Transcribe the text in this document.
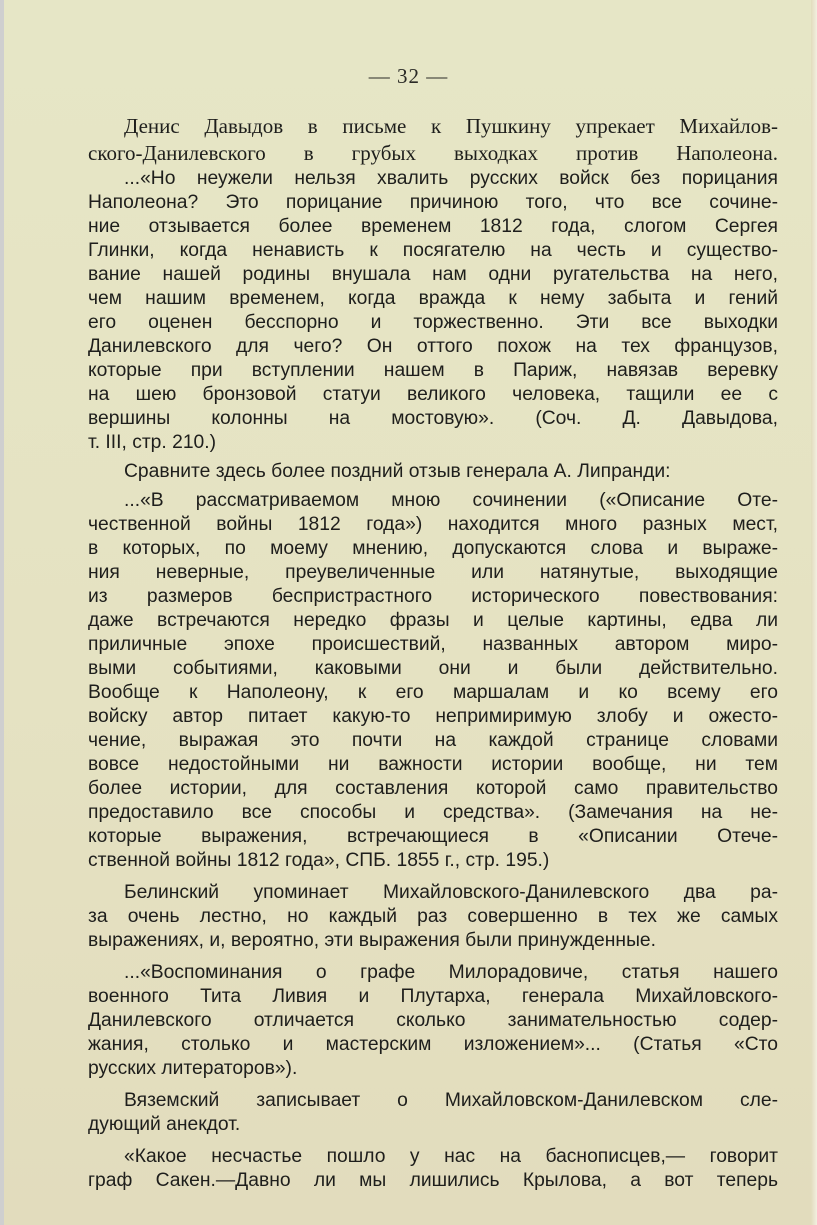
— 32 —
Денис Давыдов в письме к Пушкину упрекает Михайлов-
ского-Данилевского в грубых выходках против Наполеона.
...«Но неужели нельзя хвалить русских войск без порицания
Наполеона? Это порицание причиною того, что все сочине-
ние отзывается более временем 1812 года, слогом Сергея
Глинки, когда ненависть к посягателю на честь и существо-
вание нашей родины внушала нам одни ругательства на него,
чем нашим временем, когда вражда к нему забыта и гений
его оценен бесспорно и торжественно. Эти все выходки
Данилевского для чего? Он оттого похож на тех французов,
которые при вступлении нашем в Париж, навязав веревку
на шею бронзовой статуи великого человека, тащили ее с
вершины колонны на мостовую». (Соч. Д. Давыдова,
т. III, стр. 210.)
Сравните здесь более поздний отзыв генерала А. Липранди:
...«В рассматриваемом мною сочинении («Описание Оте-
чественной войны 1812 года») находится много разных мест,
в которых, по моему мнению, допускаются слова и выраже-
ния неверные, преувеличенные или натянутые, выходящие
из размеров беспристрастного исторического повествования:
даже встречаются нередко фразы и целые картины, едва ли
приличные эпохе происшествий, названных автором миро-
выми событиями, каковыми они и были действительно.
Вообще к Наполеону, к его маршалам и ко всему его
войску автор питает какую-то непримиримую злобу и ожесто-
чение, выражая это почти на каждой странице словами
вовсе недостойными ни важности истории вообще, ни тем
более истории, для составления которой само правительство
предоставило все способы и средства». (Замечания на не-
которые выражения, встречающиеся в «Описании Отече-
ственной войны 1812 года», СПБ. 1855 г., стр. 195.)
Белинский упоминает Михайловского-Данилевского два ра-
за очень лестно, но каждый раз совершенно в тех же самых
выражениях, и, вероятно, эти выражения были принужденные.
...«Воспоминания о графе Милорадовиче, статья нашего
военного Тита Ливия и Плутарха, генерала Михайловского-
Данилевского отличается сколько занимательностью содер-
жания, столько и мастерским изложением»... (Статья «Сто
русских литераторов»).
Вяземский записывает о Михайловском-Данилевском сле-
дующий анекдот.
«Какое несчастье пошло у нас на баснописцев,— говорит
граф Сакен.—Давно ли мы лишились Крылова, а вот теперь
